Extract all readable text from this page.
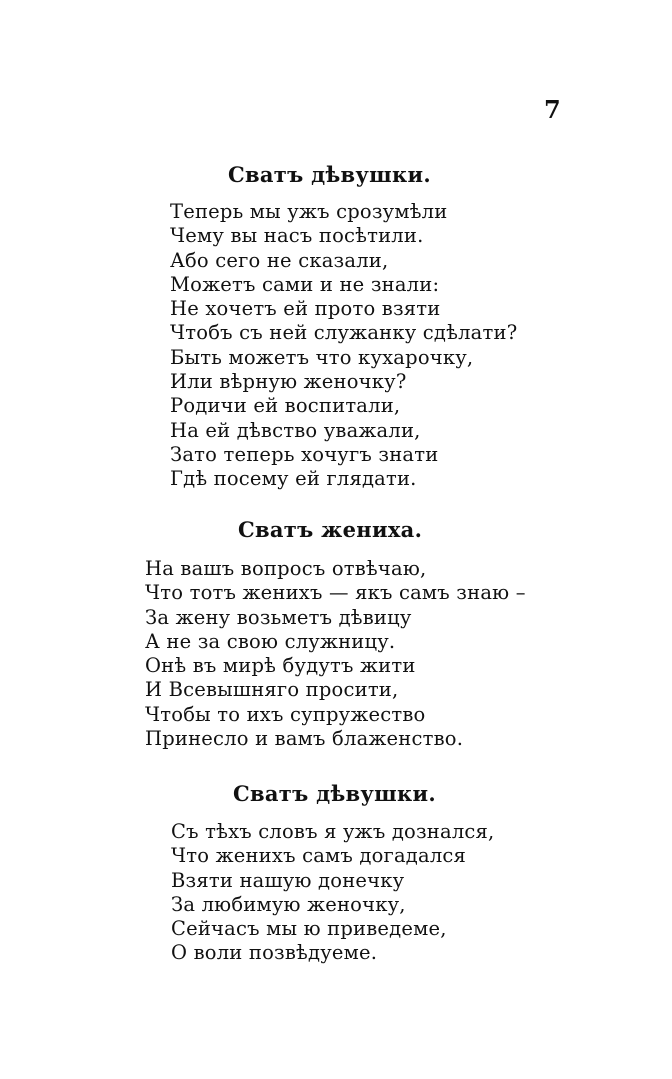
7
Сватъ дѣвушки.
Теперь мы ужъ срозумѣли
Чему вы насъ посѣтили.
Або сего не сказали,
Можетъ сами и не знали:
Не хочетъ ей прото взяти
Чтобъ съ ней служанку сдѣлати?
Быть можетъ что кухарочку,
Или вѣрную женочку?
Родичи ей воспитали,
На ей дѣвство уважали,
Зато теперь хочугъ знати
Гдѣ посему ей глядати.
Сватъ жениха.
На вашъ вопросъ отвѣчаю,
Что тотъ женихъ — якъ самъ знаю –
За жену возьметъ дѣвицу
А не за свою служницу.
Онѣ въ мирѣ будутъ жити
И Всевышняго просити,
Чтобы то ихъ супружество
Принесло и вамъ блаженство.
Сватъ дѣвушки.
Съ тѣхъ словъ я ужъ дознался,
Что женихъ самъ догадался
Взяти нашую донечку
За любимую женочку,
Сейчасъ мы ю приведеме,
О воли позвѣдуеме.
